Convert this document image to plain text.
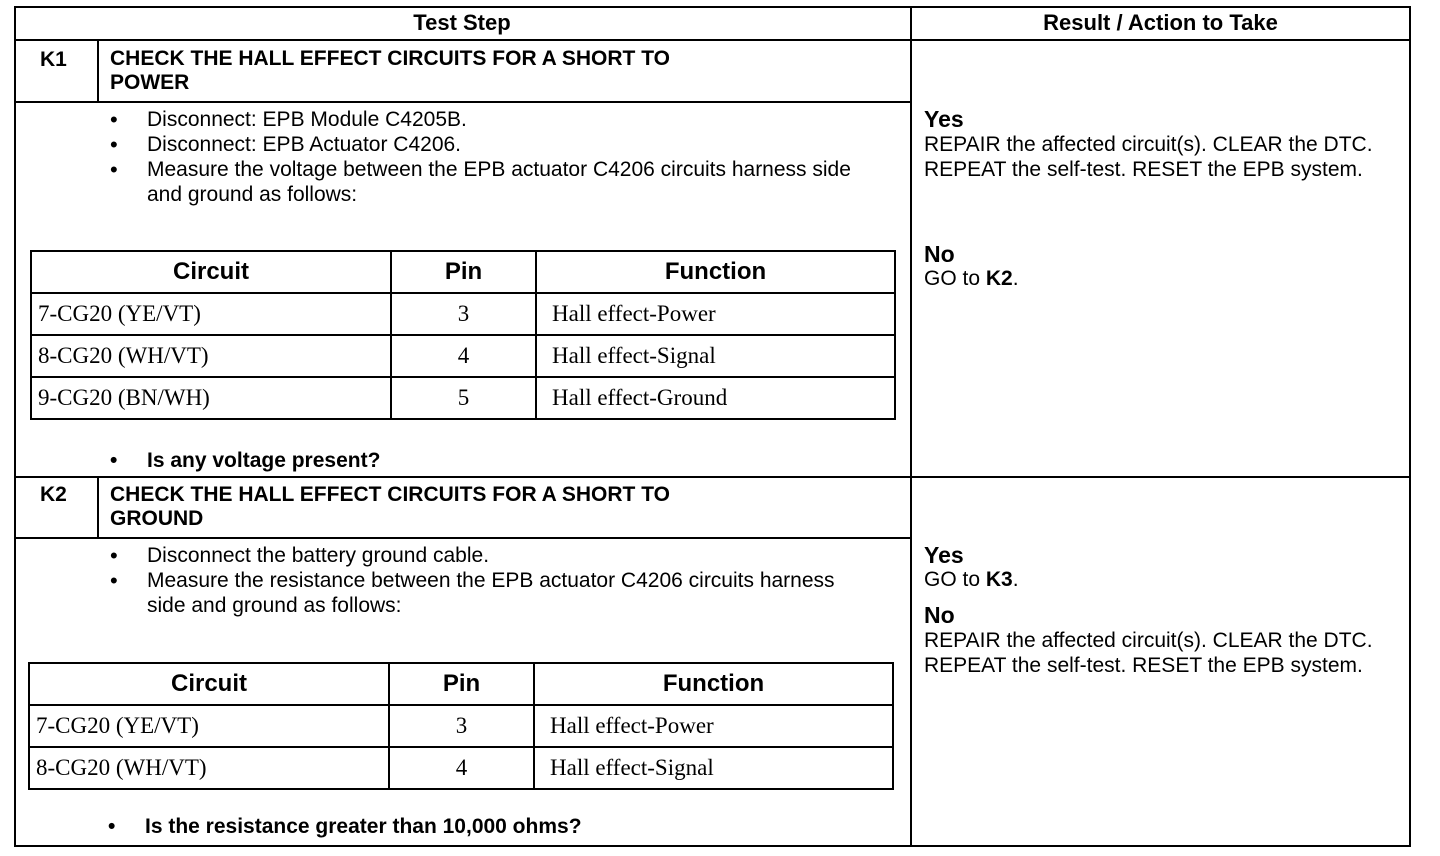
Test Step	Result / Action to Take
K1 CHECK THE HALL EFFECT CIRCUITS FOR A SHORT TO
POWER
• Disconnect: EPB Module C4205B.
• Disconnect: EPB Actuator C4206.
• Measure the voltage between the EPB actuator C4206 circuits harness side and ground as follows:
Circuit	Pin	Function
7-CG20 (YE/VT)	3	Hall effect-Power
8-CG20 (WH/VT)	4	Hall effect-Signal
9-CG20 (BN/WH)	5	Hall effect-Ground
• Is any voltage present?
Yes
REPAIR the affected circuit(s). CLEAR the DTC. REPEAT the self-test. RESET the EPB system.
No
GO to K2.
K2 CHECK THE HALL EFFECT CIRCUITS FOR A SHORT TO
GROUND
• Disconnect the battery ground cable.
• Measure the resistance between the EPB actuator C4206 circuits harness side and ground as follows:
Circuit	Pin	Function
7-CG20 (YE/VT)	3	Hall effect-Power
8-CG20 (WH/VT)	4	Hall effect-Signal
• Is the resistance greater than 10,000 ohms?
Yes
GO to K3.
No
REPAIR the affected circuit(s). CLEAR the DTC. REPEAT the self-test. RESET the EPB system.
